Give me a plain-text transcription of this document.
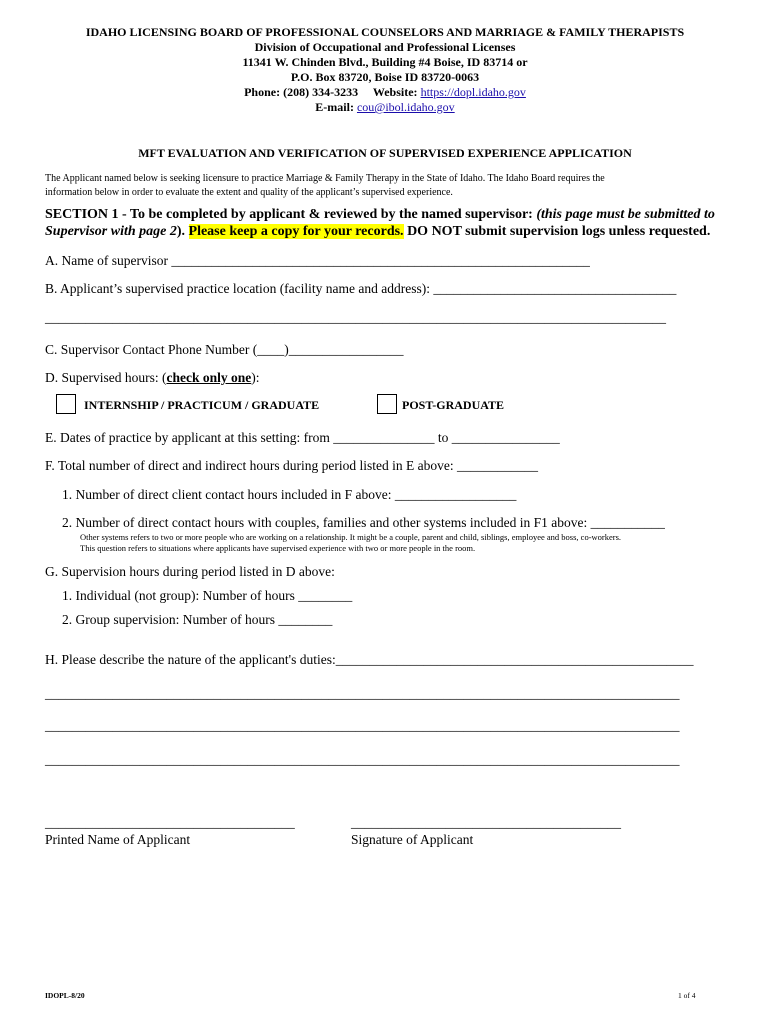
IDAHO LICENSING BOARD OF PROFESSIONAL COUNSELORS AND MARRIAGE & FAMILY THERAPISTS
Division of Occupational and Professional Licenses
11341 W. Chinden Blvd., Building #4 Boise, ID 83714 or
P.O. Box 83720, Boise ID 83720-0063
Phone: (208) 334-3233 Website: https://dopl.idaho.gov
E-mail: cou@ibol.idaho.gov
MFT EVALUATION AND VERIFICATION OF SUPERVISED EXPERIENCE APPLICATION
The Applicant named below is seeking licensure to practice Marriage & Family Therapy in the State of Idaho. The Idaho Board requires the
information below in order to evaluate the extent and quality of the applicant’s supervised experience.
SECTION 1 - To be completed by applicant & reviewed by the named supervisor: (this page must be submitted to
Supervisor with page 2). Please keep a copy for your records. DO NOT submit supervision logs unless requested.
A. Name of supervisor ______________________________________________________________
B. Applicant’s supervised practice location (facility name and address): ____________________________________
____________________________________________________________________________________________
C. Supervisor Contact Phone Number (____)_________________
D. Supervised hours: (check only one):
INTERNSHIP / PRACTICUM / GRADUATE	POST-GRADUATE
E. Dates of practice by applicant at this setting: from _______________ to ________________
F. Total number of direct and indirect hours during period listed in E above: ____________
1. Number of direct client contact hours included in F above: __________________
2. Number of direct contact hours with couples, families and other systems included in F1 above: ___________
Other systems refers to two or more people who are working on a relationship. It might be a couple, parent and child, siblings, employee and boss, co-workers.
This question refers to situations where applicants have supervised experience with two or more people in the room.
G. Supervision hours during period listed in D above:
1. Individual (not group): Number of hours ________
2. Group supervision: Number of hours ________
H. Please describe the nature of the applicant's duties:_____________________________________________________
______________________________________________________________________________________________
______________________________________________________________________________________________
______________________________________________________________________________________________
_____________________________________	________________________________________
Printed Name of Applicant	Signature of Applicant
IDOPL-8/20	1 of 4
